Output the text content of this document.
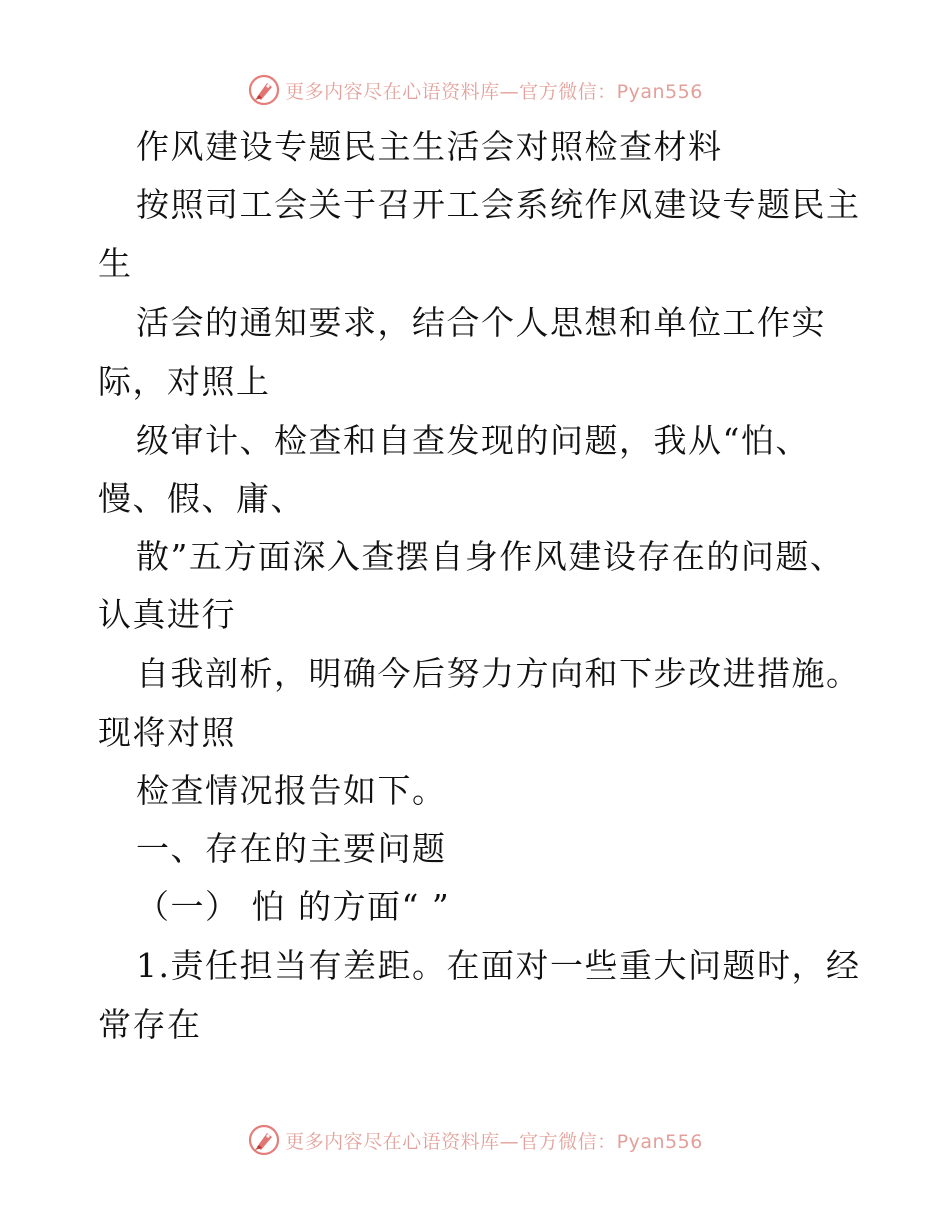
更多内容尽在心语资料库—官方微信：Pyan556
作风建设专题民主生活会对照检查材料
按照司工会关于召开工会系统作风建设专题民主
生
活会的通知要求，结合个人思想和单位工作实
际，对照上
级审计、检查和自查发现的问题，我从“怕、
慢、假、庸、
散”五方面深入查摆自身作风建设存在的问题、
认真进行
自我剖析，明确今后努力方向和下步改进措施。
现将对照
检查情况报告如下。
一、存在的主要问题
（一） 怕 的方面“ ”
1.责任担当有差距。在面对一些重大问题时，经
常存在
更多内容尽在心语资料库—官方微信：Pyan556
